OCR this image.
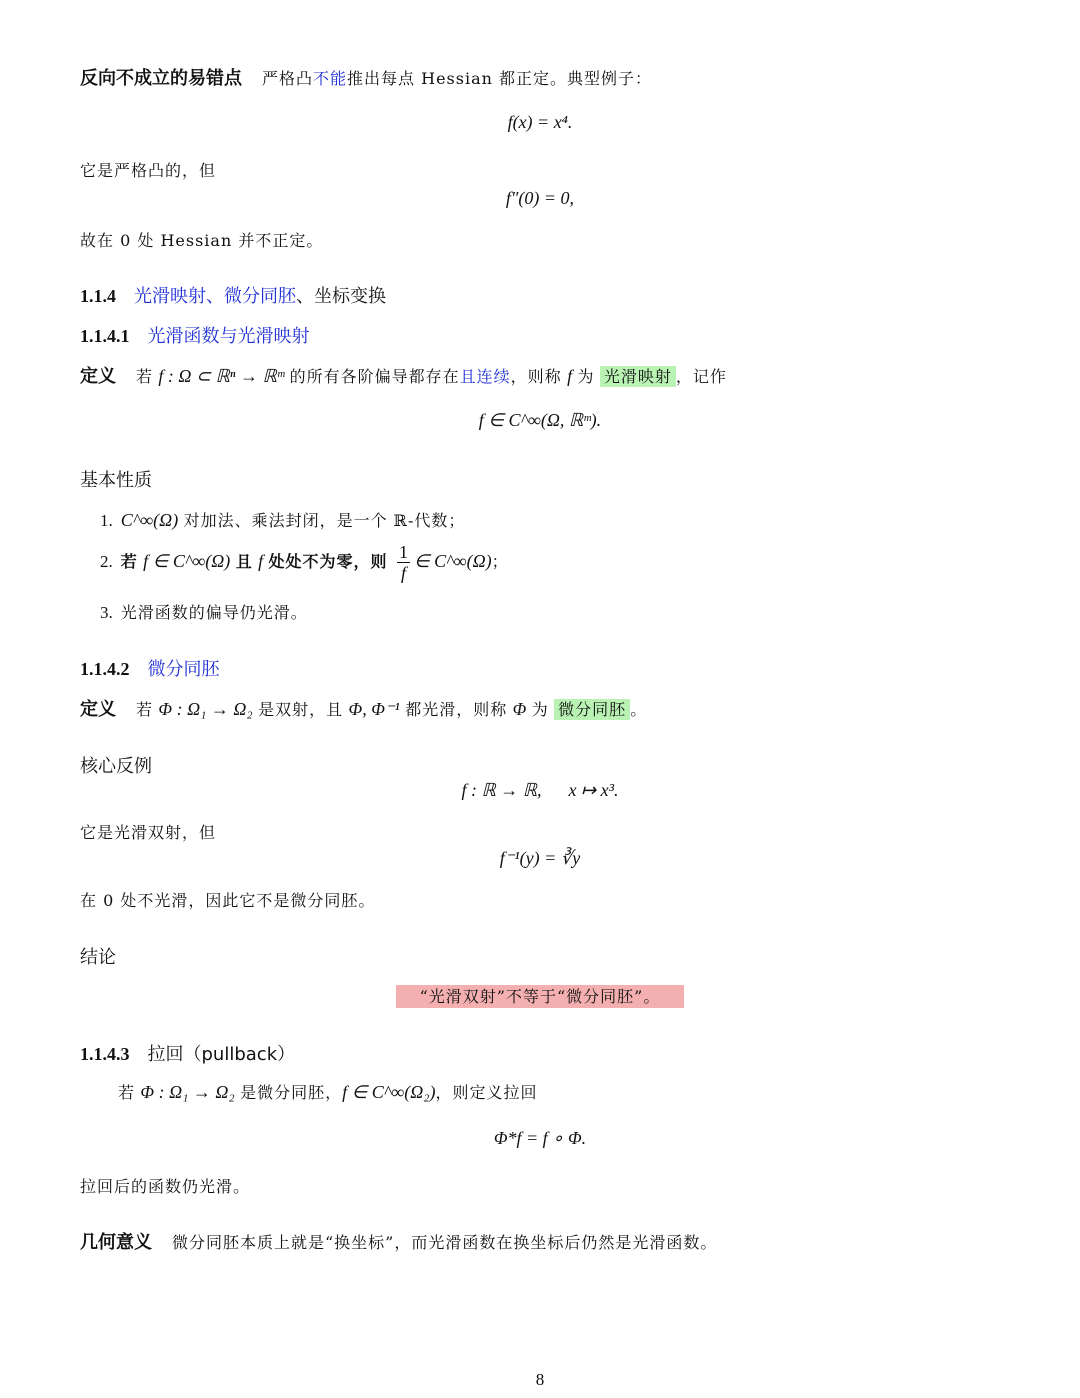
反向不成立的易错点 严格凸不能推出每点 Hessian 都正定。典型例子：
f(x) = x⁴.
它是严格凸的，但
f″(0) = 0,
故在 0 处 Hessian 并不正定。
1.1.4 光滑映射、微分同胚、坐标变换
1.1.4.1 光滑函数与光滑映射
定义 若 f : Ω ⊂ ℝⁿ → ℝᵐ 的所有各阶偏导都存在且连续，则称 f 为 光滑映射 ，记作
f ∈ C^∞(Ω, ℝᵐ).
基本性质
1. C^∞(Ω) 对加法、乘法封闭，是一个 ℝ-代数；
2. 若 f ∈ C^∞(Ω) 且 f 处处不为零，则 $\frac{1}{f}$ ∈ C^∞(Ω)；
3. 光滑函数的偏导仍光滑。
1.1.4.2 微分同胚
定义 若 Φ : Ω₁ → Ω₂ 是双射，且 Φ, Φ⁻¹ 都光滑，则称 Φ 为 微分同胚 。
核心反例
f : ℝ → ℝ,      x ↦ x³.
它是光滑双射，但
f⁻¹(y) = ∛y
在 0 处不光滑，因此它不是微分同胚。
结论
“光滑双射”不等于“微分同胚”。
1.1.4.3 拉回（pullback）
若 Φ : Ω₁ → Ω₂ 是微分同胚，f ∈ C^∞(Ω₂)，则定义拉回
Φ*f = f ∘ Φ.
拉回后的函数仍光滑。
几何意义 微分同胚本质上就是“换坐标”，而光滑函数在换坐标后仍然是光滑函数。
8
